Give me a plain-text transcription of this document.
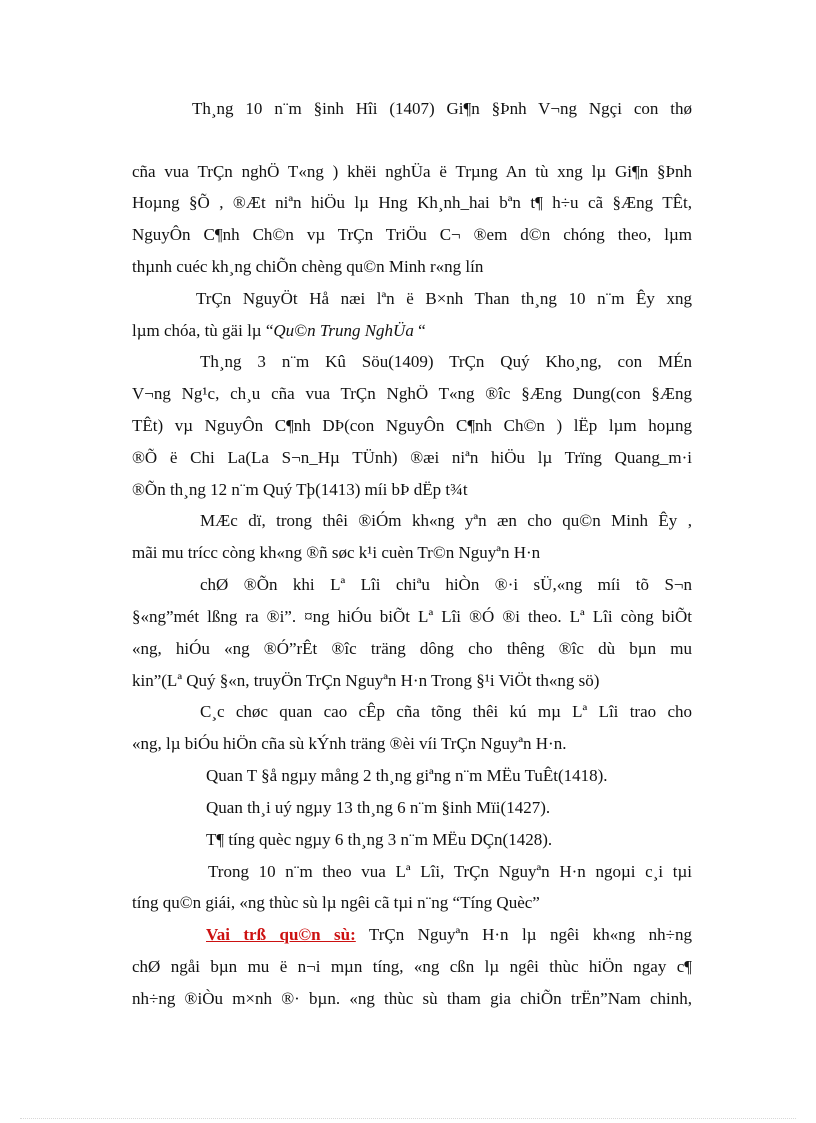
Th¸ng 10 n¨m §inh Hîi (1407) Gi¶n §Þnh V¬ng Ngçi con thø
cña vua TrÇn nghÖ T«ng ) khëi nghÜa ë Trµng An tù xng lµ Gi¶n §Þnh
Hoµng §Õ , ®Æt niªn hiÖu lµ Hng Kh¸nh_hai bªn t¶ h÷u cã §Æng TÊt,
NguyÔn C¶nh Ch©n vµ TrÇn TriÖu C¬ ®em d©n chóng theo, lµm
thµnh cuéc kh¸ng chiÕn chèng qu©n Minh r«ng lín
TrÇn NguyÖt Hå næi lªn ë B×nh Than th¸ng 10 n¨m Êy xng
lµm chóa, tù gäi lµ “Qu©n Trung NghÜa “
Th¸ng 3 n¨m Kû Söu(1409) TrÇn Quý Kho¸ng, con MÉn
V¬ng Ng¹c, ch¸u cña vua TrÇn NghÖ T«ng ®îc §Æng Dung(con §Æng
TÊt) vµ NguyÔn C¶nh DÞ(con NguyÔn C¶nh Ch©n ) lËp lµm hoµng
®Õ ë Chi La(La S¬n_Hµ TÜnh) ®æi niªn hiÖu lµ Trïng Quang_m·i
®Õn th¸ng 12 n¨m Quý Tþ(1413) míi bÞ dËp t¾t
MÆc dï, trong thêi ®iÓm kh«ng yªn æn cho qu©n Minh Êy ,
mãi mu trícc còng kh«ng ®ñ søc k¹i cuèn Tr©n Nguyªn H·n
chØ ®Õn khi Lª Lîi chiªu hiÒn ®·i sÜ,«ng míi tõ S¬n
§«ng”mét lßng ra ®i”. ¤ng hiÓu biÕt Lª Lîi ®Ó ®i theo. Lª Lîi còng biÕt
«ng, hiÓu «ng ®Ó”rÊt ®îc träng dông cho thêng ®îc dù bµn mu
kin”(Lª Quý §«n, truyÖn TrÇn Nguyªn H·n Trong §¹i ViÖt th«ng sö)
C¸c chøc quan cao cÊp cña tõng thêi kú mµ Lª Lîi trao cho
«ng, lµ biÓu hiÖn cña sù kÝnh träng ®èi víi TrÇn Nguyªn H·n.
Quan T §å ngµy mång 2 th¸ng giªng n¨m MËu TuÊt(1418).
Quan th¸i uý ngµy 13 th¸ng 6 n¨m §inh Mïi(1427).
T¶ tíng quèc ngµy 6 th¸ng 3 n¨m MËu DÇn(1428).
Trong 10 n¨m theo vua Lª Lîi, TrÇn Nguyªn H·n ngoµi c¸i tµi
tíng qu©n giái, «ng thùc sù lµ ngêi cã tµi n¨ng “Tíng Quèc”
Vai trß qu©n sù: TrÇn Nguyªn H·n lµ ngêi kh«ng nh÷ng
chØ ngåi bµn mu ë n¬i mµn tíng, «ng cßn lµ ngêi thùc hiÖn ngay c¶
nh÷ng ®iÒu m×nh ®· bµn. «ng thùc sù tham gia chiÕn trËn”Nam chinh,
